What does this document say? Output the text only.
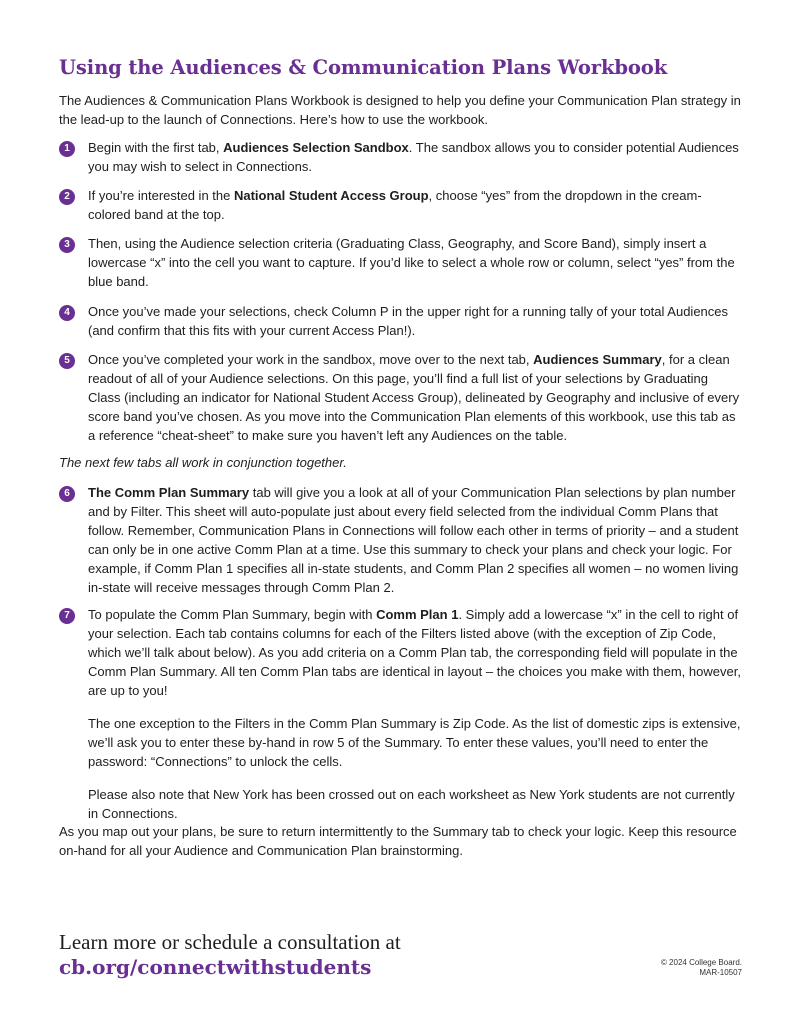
Using the Audiences & Communication Plans Workbook

The Audiences & Communication Plans Workbook is designed to help you define your Communication Plan strategy in the lead-up to the launch of Connections. Here’s how to use the workbook.

1	Begin with the first tab, Audiences Selection Sandbox. The sandbox allows you to consider potential Audiences you may wish to select in Connections.
2	If you’re interested in the National Student Access Group, choose “yes” from the dropdown in the cream-colored band at the top.
3	Then, using the Audience selection criteria (Graduating Class, Geography, and Score Band), simply insert a lowercase “x” into the cell you want to capture. If you’d like to select a whole row or column, select “yes” from the blue band.
4	Once you’ve made your selections, check Column P in the upper right for a running tally of your total Audiences (and confirm that this fits with your current Access Plan!).
5	Once you’ve completed your work in the sandbox, move over to the next tab, Audiences Summary, for a clean readout of all of your Audience selections. On this page, you’ll find a full list of your selections by Graduating Class (including an indicator for National Student Access Group), delineated by Geography and inclusive of every score band you’ve chosen. As you move into the Communication Plan elements of this workbook, use this tab as a reference “cheat-sheet” to make sure you haven’t left any Audiences on the table.

The next few tabs all work in conjunction together.

6	The Comm Plan Summary tab will give you a look at all of your Communication Plan selections by plan number and by Filter. This sheet will auto-populate just about every field selected from the individual Comm Plans that follow. Remember, Communication Plans in Connections will follow each other in terms of priority – and a student can only be in one active Comm Plan at a time. Use this summary to check your plans and check your logic. For example, if Comm Plan 1 specifies all in-state students, and Comm Plan 2 specifies all women – no women living in-state will receive messages through Comm Plan 2.
7	To populate the Comm Plan Summary, begin with Comm Plan 1. Simply add a lowercase “x” in the cell to right of your selection. Each tab contains columns for each of the Filters listed above (with the exception of Zip Code, which we’ll talk about below). As you add criteria on a Comm Plan tab, the corresponding field will populate in the Comm Plan Summary. All ten Comm Plan tabs are identical in layout – the choices you make with them, however, are up to you!

The one exception to the Filters in the Comm Plan Summary is Zip Code. As the list of domestic zips is extensive, we’ll ask you to enter these by-hand in row 5 of the Summary. To enter these values, you’ll need to enter the password: “Connections” to unlock the cells.

Please also note that New York has been crossed out on each worksheet as New York students are not currently in Connections.

As you map out your plans, be sure to return intermittently to the Summary tab to check your logic. Keep this resource on-hand for all your Audience and Communication Plan brainstorming.

Learn more or schedule a consultation at

cb.org/connectwithstudents	© 2024 College Board.
MAR-10507
